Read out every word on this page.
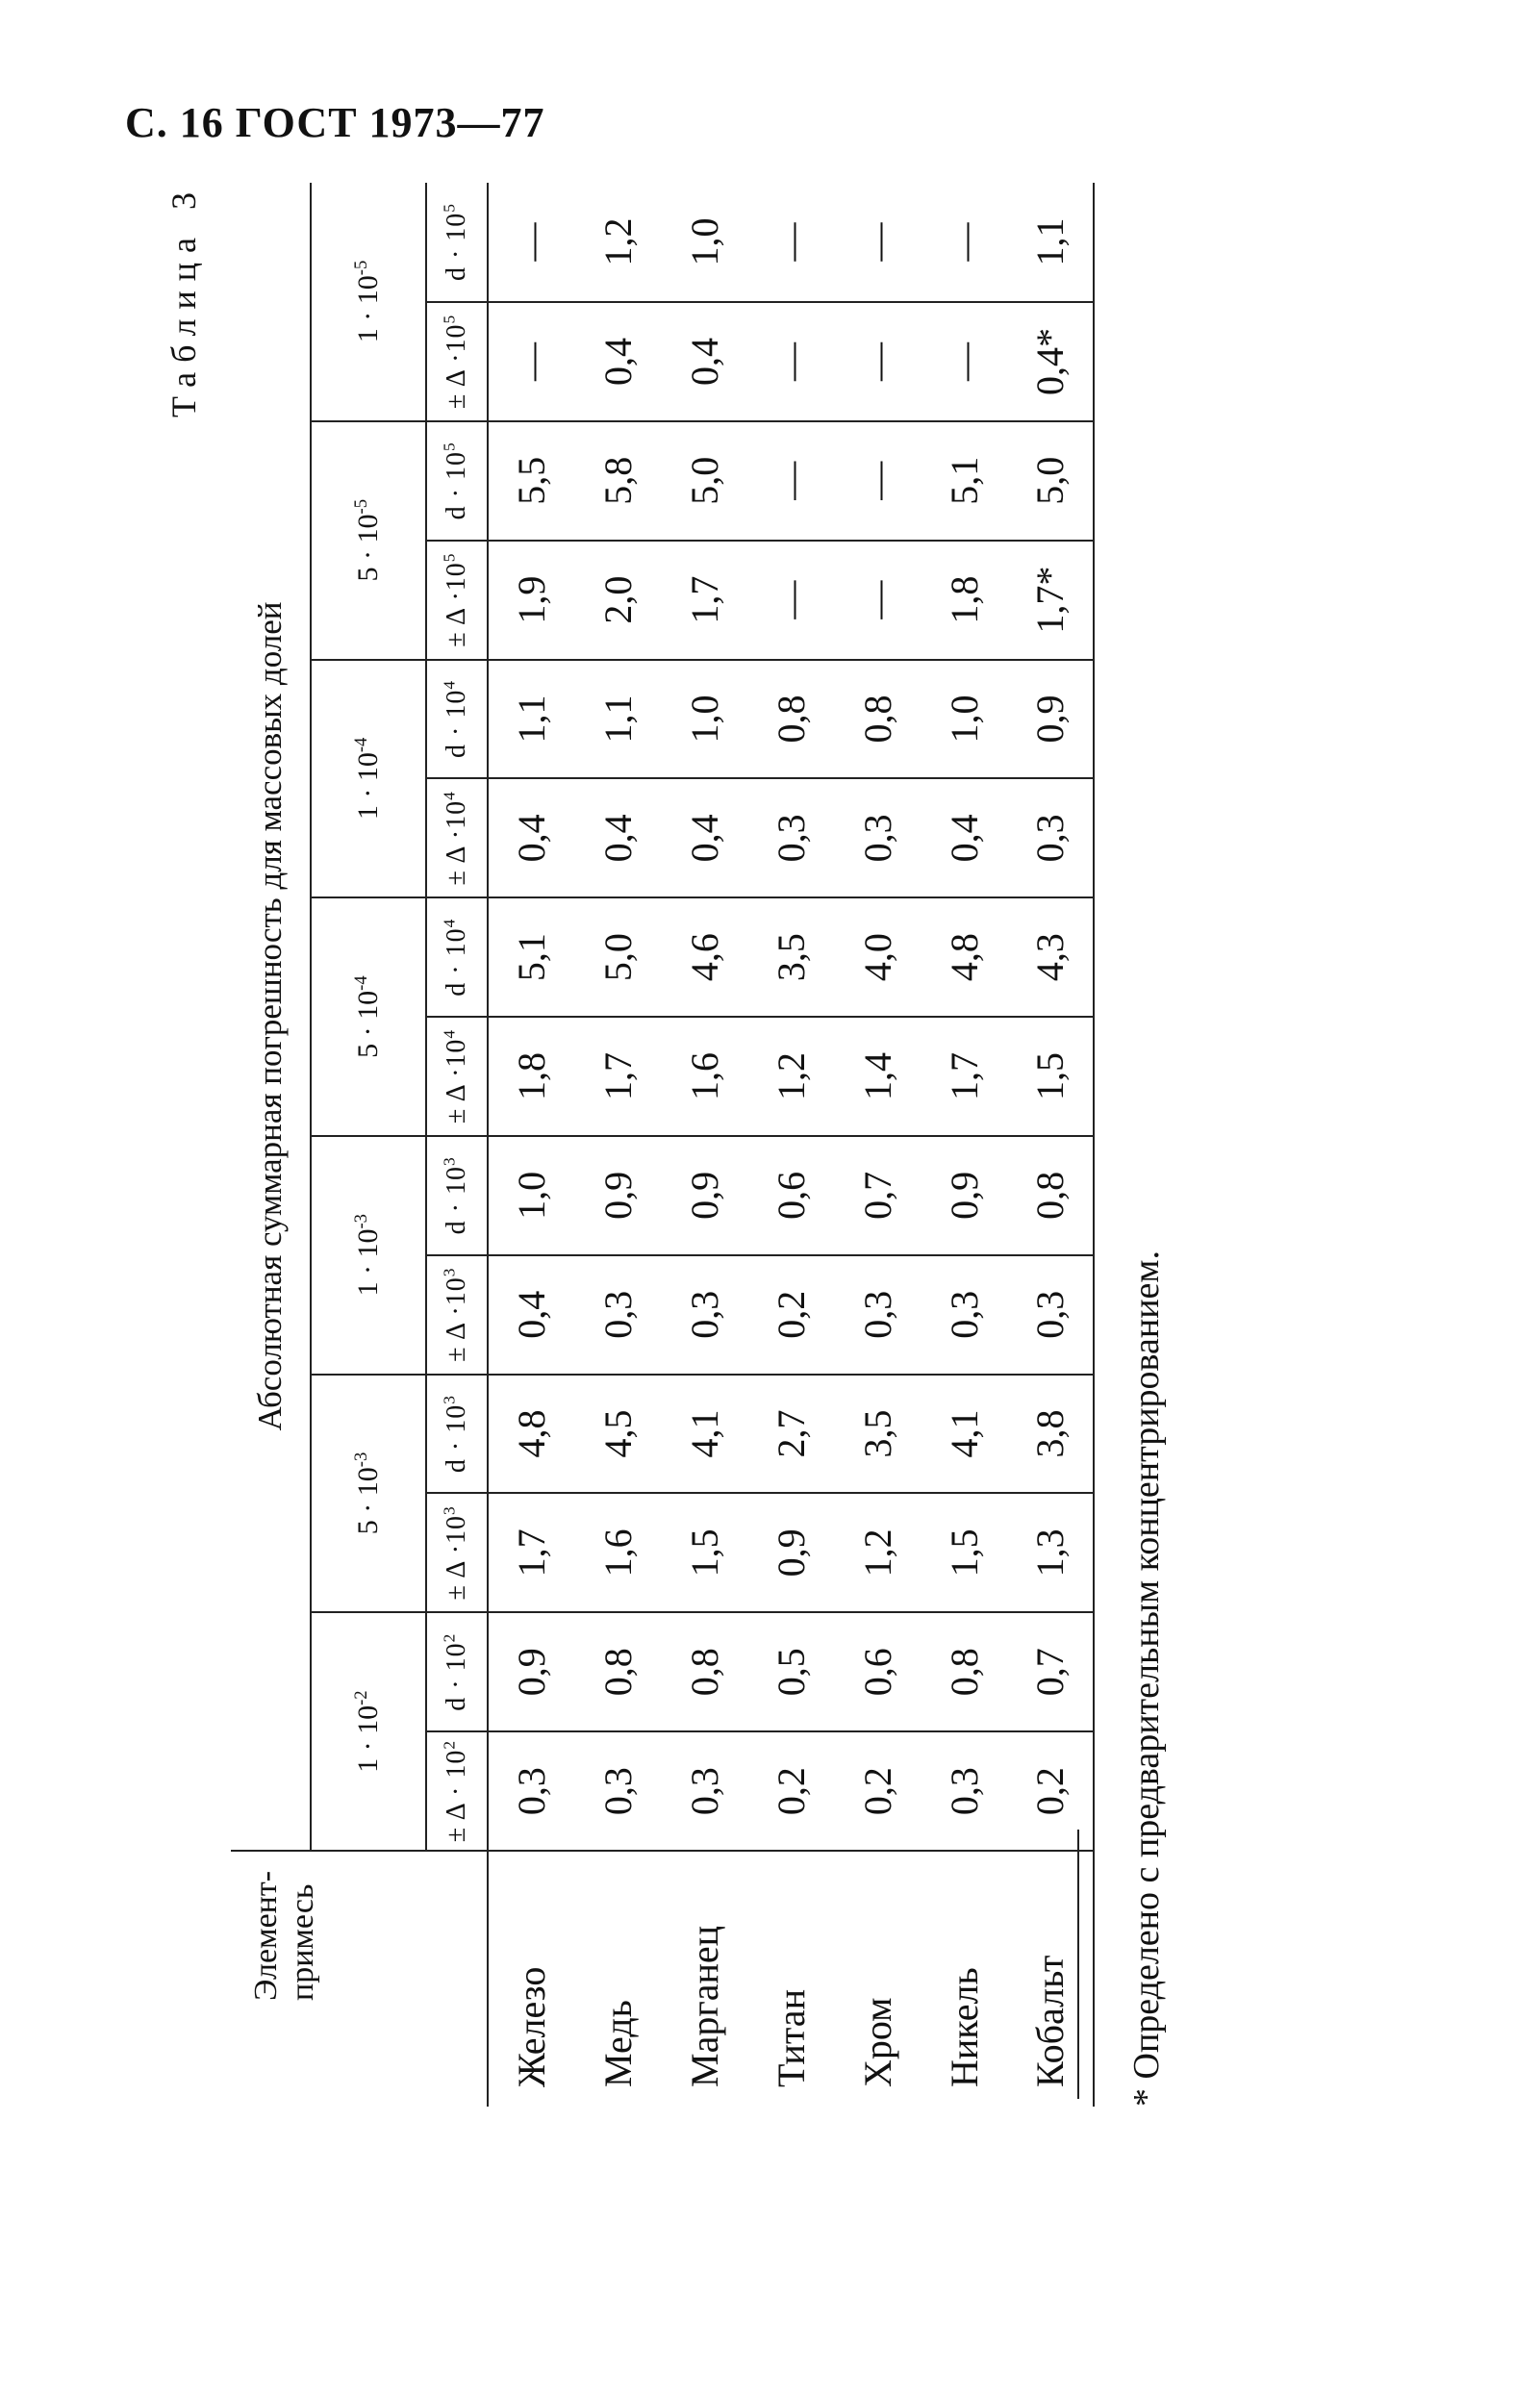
С. 16 ГОСТ 1973—77
Таблица 3
Элемент-примесь	Абсолютная суммарная погрешность для массовых долей													
	$1 \cdot 10^{-2}$		$5 \cdot 10^{-3}$		$1 \cdot 10^{-3}$		$5 \cdot 10^{-4}$		$1 \cdot 10^{-4}$		$5 \cdot 10^{-5}$		$1 \cdot 10^{-5}$
	± $\Delta \cdot 10^2$	$d \cdot 10^2$	± $\Delta \cdot 10^3$	$d \cdot 10^3$	± $\Delta \cdot 10^3$	$d \cdot 10^3$	± $\Delta \cdot 10^4$	$d \cdot 10^4$	± $\Delta \cdot 10^4$	$d \cdot 10^4$	± $\Delta \cdot 10^5$	$d \cdot 10^5$	± $\Delta \cdot 10^5$	$d \cdot 10^5$
Железо	0,3	0,9	1,7	4,8	0,4	1,0	1,8	5,1	0,4	1,1	1,9	5,5	—	—
Медь	0,3	0,8	1,6	4,5	0,3	0,9	1,7	5,0	0,4	1,1	2,0	5,8	0,4	1,2
Марганец	0,3	0,8	1,5	4,1	0,3	0,9	1,6	4,6	0,4	1,0	1,7	5,0	0,4	1,0
Титан	0,2	0,5	0,9	2,7	0,2	0,6	1,2	3,5	0,3	0,8	—	—	—	—
Хром	0,2	0,6	1,2	3,5	0,3	0,7	1,4	4,0	0,3	0,8	—	—	—	—
Никель	0,3	0,8	1,5	4,1	0,3	0,9	1,7	4,8	0,4	1,0	1,8	5,1	—	—
Кобальт	0,2	0,7	1,3	3,8	0,3	0,8	1,5	4,3	0,3	0,9	1,7*	5,0	0,4*	1,1
* Определено с предварительным концентрированием.
